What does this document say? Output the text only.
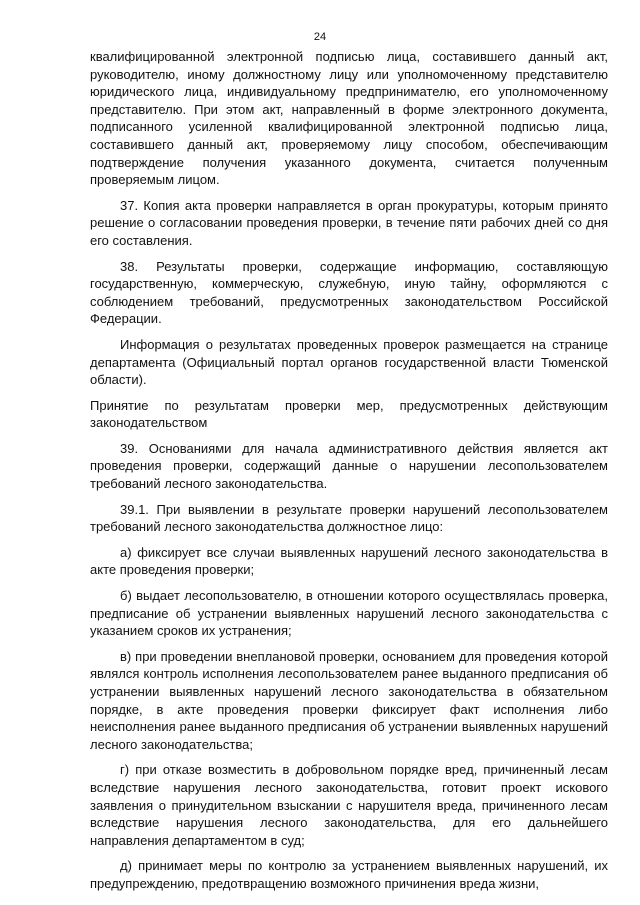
24

квалифицированной электронной подписью лица, составившего данный акт, руководителю, иному должностному лицу или уполномоченному представителю юридического лица, индивидуальному предпринимателю, его уполномоченному представителю. При этом акт, направленный в форме электронного документа, подписанного усиленной квалифицированной электронной подписью лица, составившего данный акт, проверяемому лицу способом, обеспечивающим подтверждение получения указанного документа, считается полученным проверяемым лицом.

37. Копия акта проверки направляется в орган прокуратуры, которым принято решение о согласовании проведения проверки, в течение пяти рабочих дней со дня его составления.

38. Результаты проверки, содержащие информацию, составляющую государственную, коммерческую, служебную, иную тайну, оформляются с соблюдением требований, предусмотренных законодательством Российской Федерации.

Информация о результатах проведенных проверок размещается на странице департамента (Официальный портал органов государственной власти Тюменской области).

Принятие по результатам проверки мер, предусмотренных действующим законодательством

39. Основаниями для начала административного действия является акт проведения проверки, содержащий данные о нарушении лесопользователем требований лесного законодательства.

39.1. При выявлении в результате проверки нарушений лесопользователем требований лесного законодательства должностное лицо:

а) фиксирует все случаи выявленных нарушений лесного законодательства в акте проведения проверки;

б) выдает лесопользователю, в отношении которого осуществлялась проверка, предписание об устранении выявленных нарушений лесного законодательства с указанием сроков их устранения;

в) при проведении внеплановой проверки, основанием для проведения которой являлся контроль исполнения лесопользователем ранее выданного предписания об устранении выявленных нарушений лесного законодательства в обязательном порядке, в акте проведения проверки фиксирует факт исполнения либо неисполнения ранее выданного предписания об устранении выявленных нарушений лесного законодательства;

г) при отказе возместить в добровольном порядке вред, причиненный лесам вследствие нарушения лесного законодательства, готовит проект искового заявления о принудительном взыскании с нарушителя вреда, причиненного лесам вследствие нарушения лесного законодательства, для его дальнейшего направления департаментом в суд;

д) принимает меры по контролю за устранением выявленных нарушений, их предупреждению, предотвращению возможного причинения вреда жизни,
